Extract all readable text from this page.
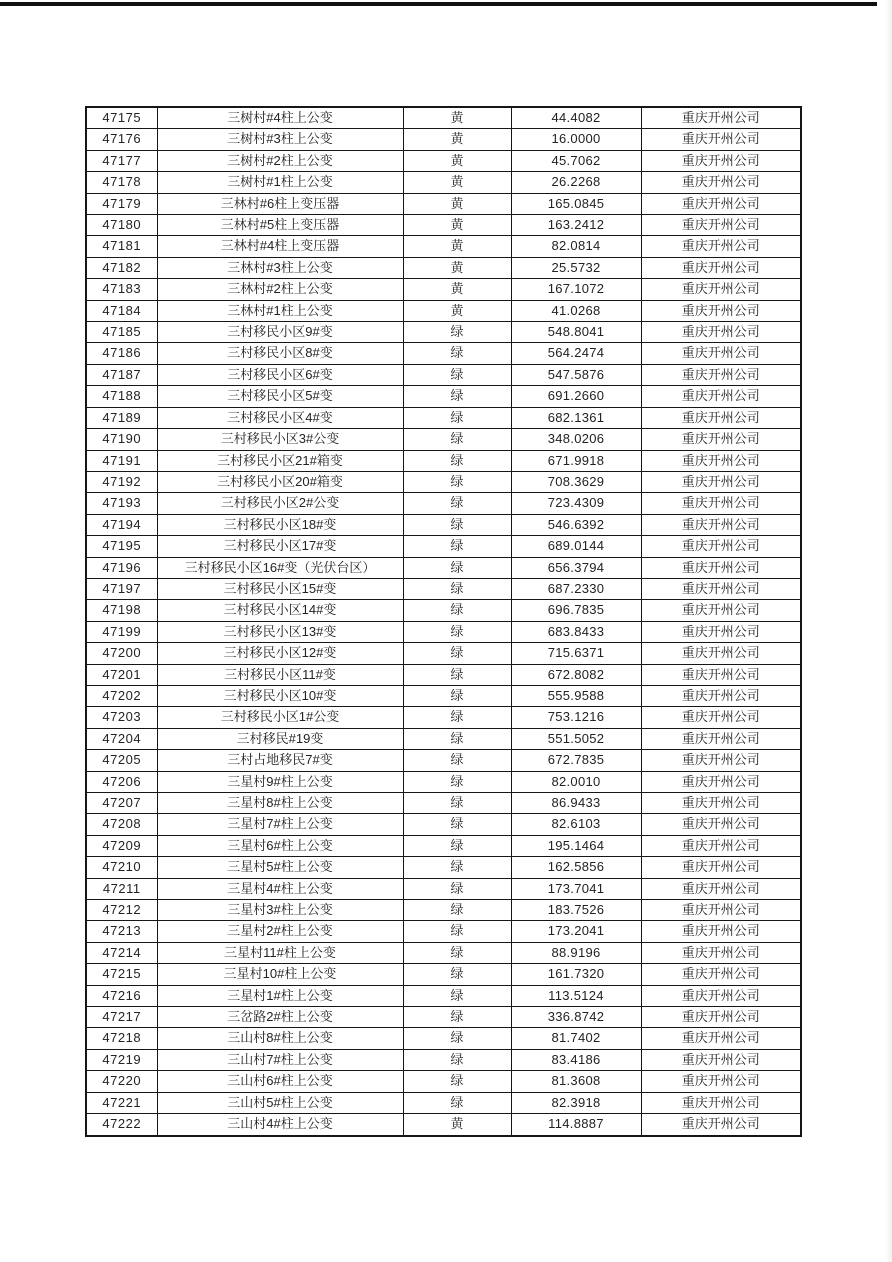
47175	三树村#4柱上公变	黄	44.4082	重庆开州公司
47176	三树村#3柱上公变	黄	16.0000	重庆开州公司
47177	三树村#2柱上公变	黄	45.7062	重庆开州公司
47178	三树村#1柱上公变	黄	26.2268	重庆开州公司
47179	三林村#6柱上变压器	黄	165.0845	重庆开州公司
47180	三林村#5柱上变压器	黄	163.2412	重庆开州公司
47181	三林村#4柱上变压器	黄	82.0814	重庆开州公司
47182	三林村#3柱上公变	黄	25.5732	重庆开州公司
47183	三林村#2柱上公变	黄	167.1072	重庆开州公司
47184	三林村#1柱上公变	黄	41.0268	重庆开州公司
47185	三村移民小区9#变	绿	548.8041	重庆开州公司
47186	三村移民小区8#变	绿	564.2474	重庆开州公司
47187	三村移民小区6#变	绿	547.5876	重庆开州公司
47188	三村移民小区5#变	绿	691.2660	重庆开州公司
47189	三村移民小区4#变	绿	682.1361	重庆开州公司
47190	三村移民小区3#公变	绿	348.0206	重庆开州公司
47191	三村移民小区21#箱变	绿	671.9918	重庆开州公司
47192	三村移民小区20#箱变	绿	708.3629	重庆开州公司
47193	三村移民小区2#公变	绿	723.4309	重庆开州公司
47194	三村移民小区18#变	绿	546.6392	重庆开州公司
47195	三村移民小区17#变	绿	689.0144	重庆开州公司
47196	三村移民小区16#变（光伏台区）	绿	656.3794	重庆开州公司
47197	三村移民小区15#变	绿	687.2330	重庆开州公司
47198	三村移民小区14#变	绿	696.7835	重庆开州公司
47199	三村移民小区13#变	绿	683.8433	重庆开州公司
47200	三村移民小区12#变	绿	715.6371	重庆开州公司
47201	三村移民小区11#变	绿	672.8082	重庆开州公司
47202	三村移民小区10#变	绿	555.9588	重庆开州公司
47203	三村移民小区1#公变	绿	753.1216	重庆开州公司
47204	三村移民#19变	绿	551.5052	重庆开州公司
47205	三村占地移民7#变	绿	672.7835	重庆开州公司
47206	三星村9#柱上公变	绿	82.0010	重庆开州公司
47207	三星村8#柱上公变	绿	86.9433	重庆开州公司
47208	三星村7#柱上公变	绿	82.6103	重庆开州公司
47209	三星村6#柱上公变	绿	195.1464	重庆开州公司
47210	三星村5#柱上公变	绿	162.5856	重庆开州公司
47211	三星村4#柱上公变	绿	173.7041	重庆开州公司
47212	三星村3#柱上公变	绿	183.7526	重庆开州公司
47213	三星村2#柱上公变	绿	173.2041	重庆开州公司
47214	三星村11#柱上公变	绿	88.9196	重庆开州公司
47215	三星村10#柱上公变	绿	161.7320	重庆开州公司
47216	三星村1#柱上公变	绿	113.5124	重庆开州公司
47217	三岔路2#柱上公变	绿	336.8742	重庆开州公司
47218	三山村8#柱上公变	绿	81.7402	重庆开州公司
47219	三山村7#柱上公变	绿	83.4186	重庆开州公司
47220	三山村6#柱上公变	绿	81.3608	重庆开州公司
47221	三山村5#柱上公变	绿	82.3918	重庆开州公司
47222	三山村4#柱上公变	黄	114.8887	重庆开州公司
